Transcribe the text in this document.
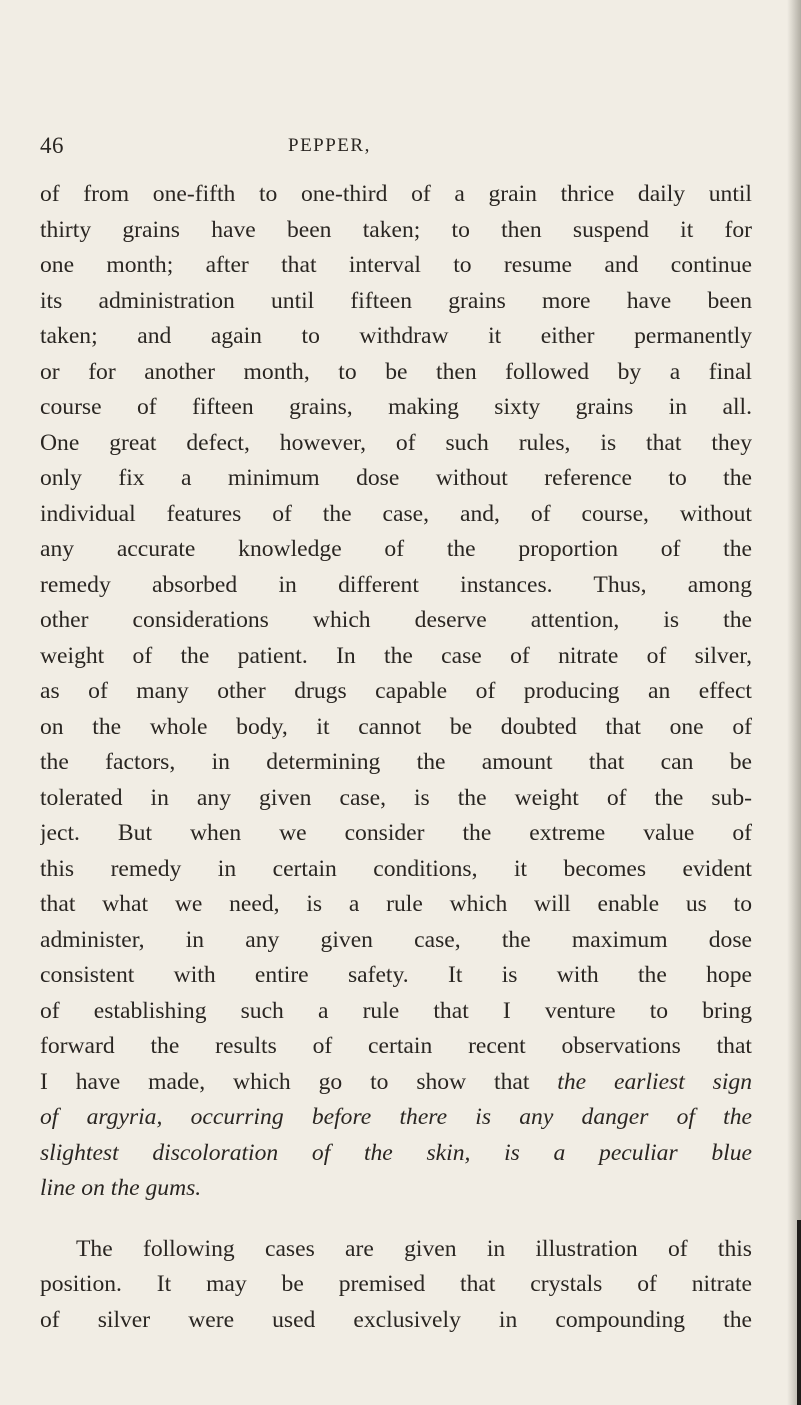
46	PEPPER,
of from one-fifth to one-third of a grain thrice daily until
thirty grains have been taken; to then suspend it for
one month; after that interval to resume and continue
its administration until fifteen grains more have been
taken; and again to withdraw it either permanently
or for another month, to be then followed by a final
course of fifteen grains, making sixty grains in all.
One great defect, however, of such rules, is that they
only fix a minimum dose without reference to the
individual features of the case, and, of course, without
any accurate knowledge of the proportion of the
remedy absorbed in different instances. Thus, among
other considerations which deserve attention, is the
weight of the patient. In the case of nitrate of silver,
as of many other drugs capable of producing an effect
on the whole body, it cannot be doubted that one of
the factors, in determining the amount that can be
tolerated in any given case, is the weight of the sub-
ject. But when we consider the extreme value of
this remedy in certain conditions, it becomes evident
that what we need, is a rule which will enable us to
administer, in any given case, the maximum dose
consistent with entire safety. It is with the hope
of establishing such a rule that I venture to bring
forward the results of certain recent observations that
I have made, which go to show that the earliest sign
of argyria, occurring before there is any danger of the
slightest discoloration of the skin, is a peculiar blue
line on the gums.
The following cases are given in illustration of this
position. It may be premised that crystals of nitrate
of silver were used exclusively in compounding the
